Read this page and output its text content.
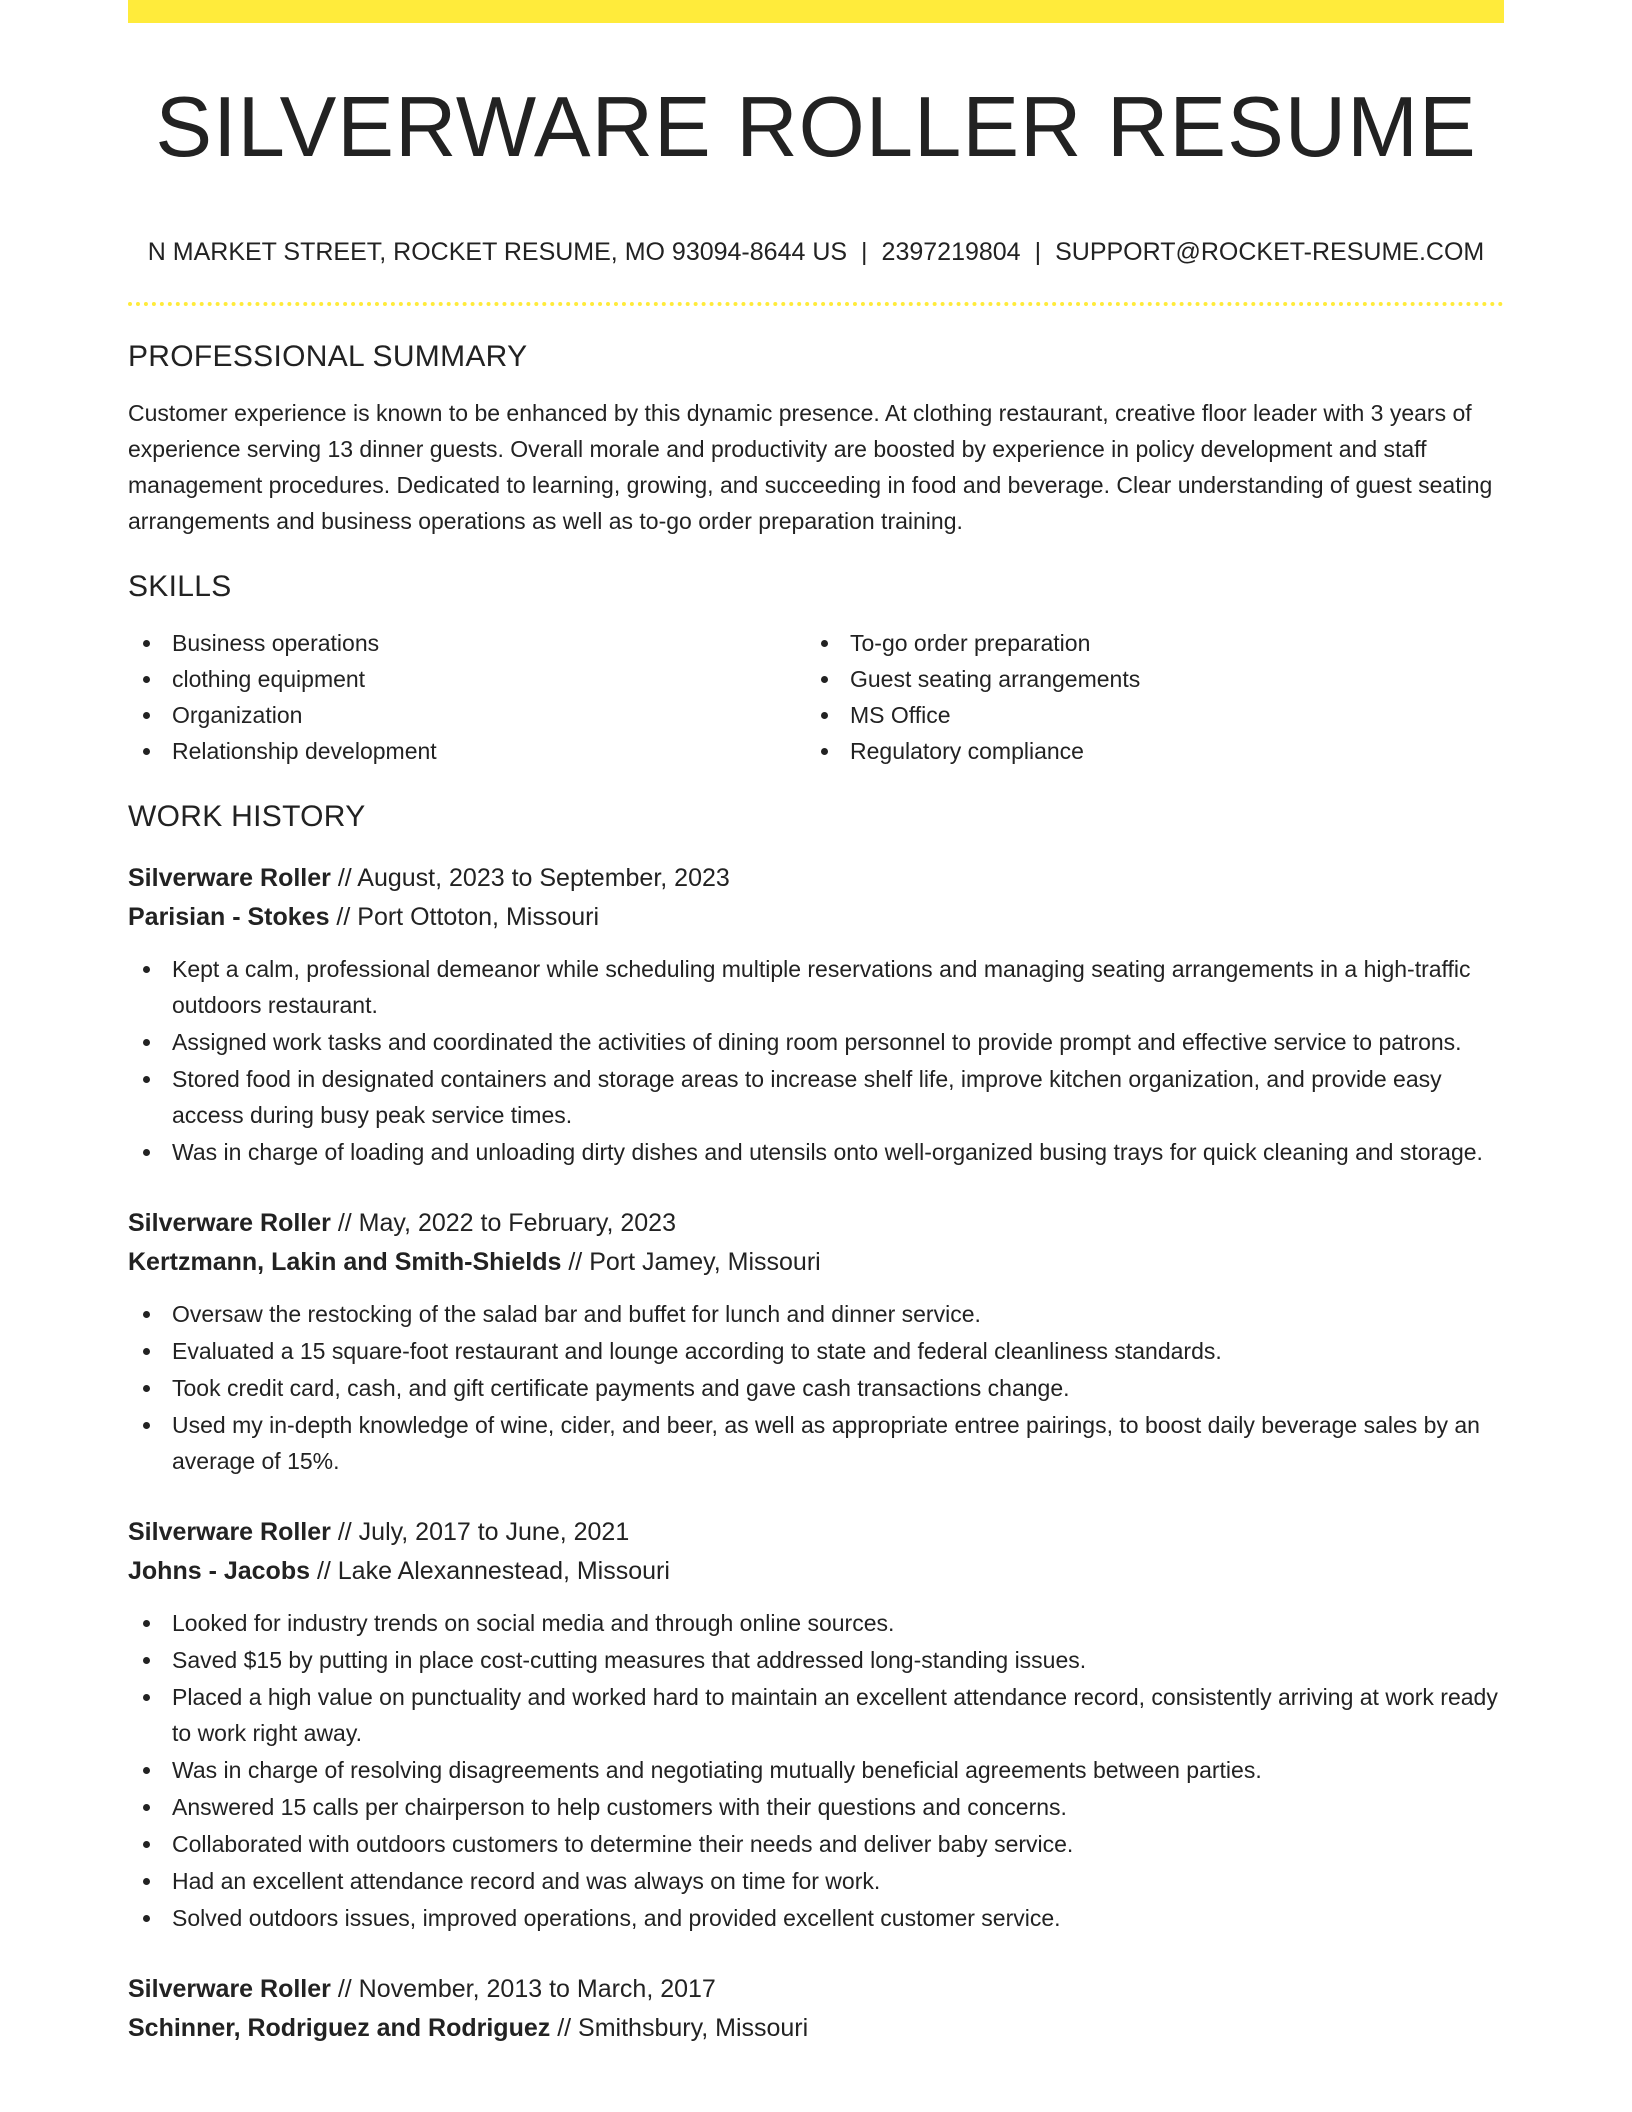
SILVERWARE ROLLER RESUME
N MARKET STREET, ROCKET RESUME, MO 93094-8644 US | 2397219804 | SUPPORT@ROCKET-RESUME.COM
PROFESSIONAL SUMMARY

Customer experience is known to be enhanced by this dynamic presence. At clothing restaurant, creative floor leader with 3 years of experience serving 13 dinner guests. Overall morale and productivity are boosted by experience in policy development and staff management procedures. Dedicated to learning, growing, and succeeding in food and beverage. Clear understanding of guest seating arrangements and business operations as well as to-go order preparation training.

SKILLS
Business operations
clothing equipment
Organization
Relationship development
To-go order preparation
Guest seating arrangements
MS Office
Regulatory compliance
WORK HISTORY
Silverware Roller // August, 2023 to September, 2023
Parisian - Stokes // Port Ottoton, Missouri
Kept a calm, professional demeanor while scheduling multiple reservations and managing seating arrangements in a high-traffic outdoors restaurant.
Assigned work tasks and coordinated the activities of dining room personnel to provide prompt and effective service to patrons.
Stored food in designated containers and storage areas to increase shelf life, improve kitchen organization, and provide easy access during busy peak service times.
Was in charge of loading and unloading dirty dishes and utensils onto well-organized busing trays for quick cleaning and storage.
Silverware Roller // May, 2022 to February, 2023
Kertzmann, Lakin and Smith-Shields // Port Jamey, Missouri
Oversaw the restocking of the salad bar and buffet for lunch and dinner service.
Evaluated a 15 square-foot restaurant and lounge according to state and federal cleanliness standards.
Took credit card, cash, and gift certificate payments and gave cash transactions change.
Used my in-depth knowledge of wine, cider, and beer, as well as appropriate entree pairings, to boost daily beverage sales by an average of 15%.
Silverware Roller // July, 2017 to June, 2021
Johns - Jacobs // Lake Alexannestead, Missouri
Looked for industry trends on social media and through online sources.
Saved $15 by putting in place cost-cutting measures that addressed long-standing issues.
Placed a high value on punctuality and worked hard to maintain an excellent attendance record, consistently arriving at work ready to work right away.
Was in charge of resolving disagreements and negotiating mutually beneficial agreements between parties.
Answered 15 calls per chairperson to help customers with their questions and concerns.
Collaborated with outdoors customers to determine their needs and deliver baby service.
Had an excellent attendance record and was always on time for work.
Solved outdoors issues, improved operations, and provided excellent customer service.
Silverware Roller // November, 2013 to March, 2017
Schinner, Rodriguez and Rodriguez // Smithsbury, Missouri
